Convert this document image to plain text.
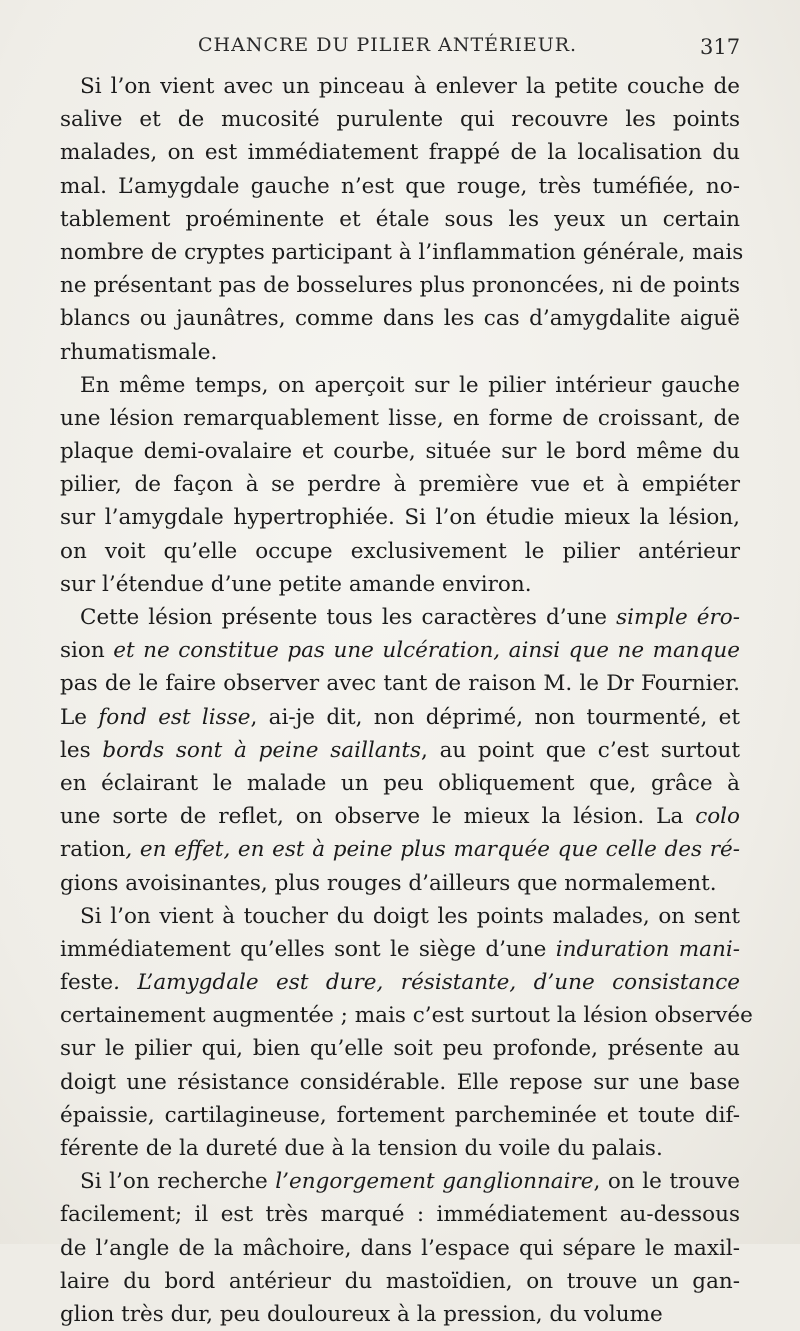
CHANCRE DU PILIER ANTÉRIEUR.	317
Si l’on vient avec un pinceau à enlever la petite couche de
salive et de mucosité purulente qui recouvre les points
malades, on est immédiatement frappé de la localisation du
mal. L’amygdale gauche n’est que rouge, très tuméfiée, no-
tablement proéminente et étale sous les yeux un certain
nombre de cryptes participant à l’inflammation générale, mais
ne présentant pas de bosselures plus prononcées, ni de points
blancs ou jaunâtres, comme dans les cas d’amygdalite aiguë
rhumatismale.
En même temps, on aperçoit sur le pilier intérieur gauche
une lésion remarquablement lisse, en forme de croissant, de
plaque demi-ovalaire et courbe, située sur le bord même du
pilier, de façon à se perdre à première vue et à empiéter
sur l’amygdale hypertrophiée. Si l’on étudie mieux la lésion,
on voit qu’elle occupe exclusivement le pilier antérieur
sur l’étendue d’une petite amande environ.
Cette lésion présente tous les caractères d’une simple éro-
sion et ne constitue pas une ulcération, ainsi que ne manque
pas de le faire observer avec tant de raison M. le Dr Fournier.
Le fond est lisse, ai-je dit, non déprimé, non tourmenté, et
les bords sont à peine saillants, au point que c’est surtout
en éclairant le malade un peu obliquement que, grâce à
une sorte de reflet, on observe le mieux la lésion. La colo
ration, en effet, en est à peine plus marquée que celle des ré-
gions avoisinantes, plus rouges d’ailleurs que normalement.
Si l’on vient à toucher du doigt les points malades, on sent
immédiatement qu’elles sont le siège d’une induration mani-
feste. L’amygdale est dure, résistante, d’une consistance
certainement augmentée ; mais c’est surtout la lésion observée
sur le pilier qui, bien qu’elle soit peu profonde, présente au
doigt une résistance considérable. Elle repose sur une base
épaissie, cartilagineuse, fortement parcheminée et toute dif-
férente de la dureté due à la tension du voile du palais.
Si l’on recherche l’engorgement ganglionnaire, on le trouve
facilement; il est très marqué : immédiatement au-dessous
de l’angle de la mâchoire, dans l’espace qui sépare le maxil-
laire du bord antérieur du mastoïdien, on trouve un gan-
glion très dur, peu douloureux à la pression, du volume
